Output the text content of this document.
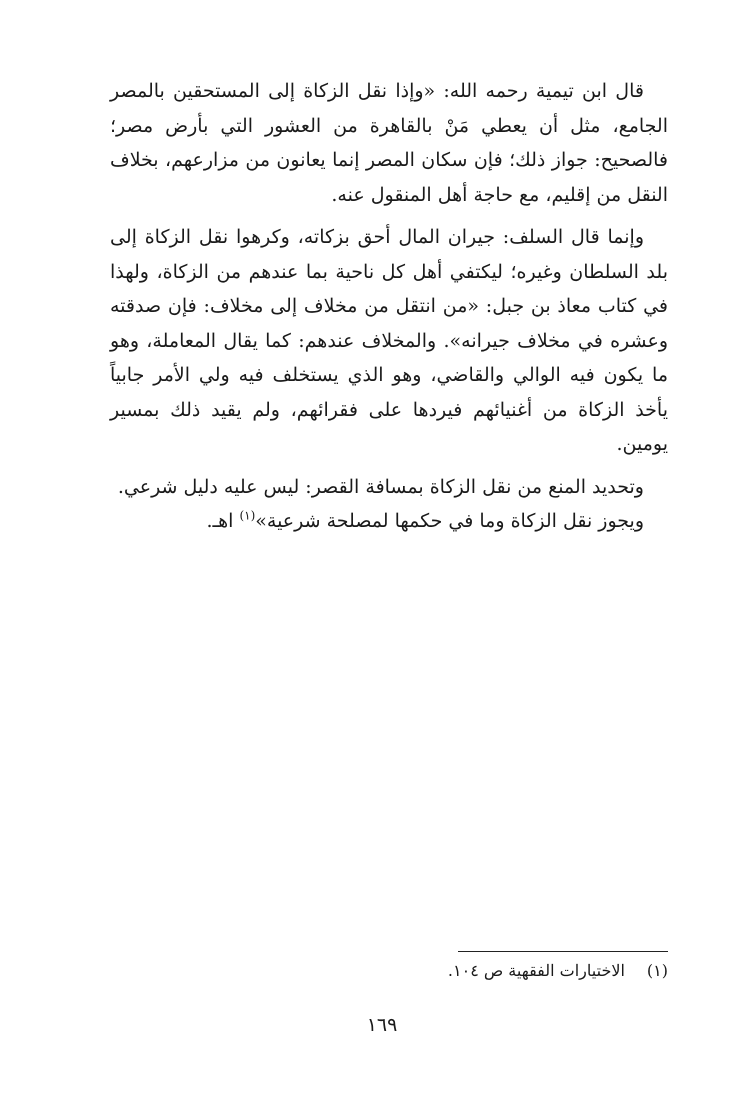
قال ابن تيمية رحمه الله: «وإذا نقل الزكاة إلى المستحقين بالمصر الجامع، مثل أن يعطي مَنْ بالقاهرة من العشور التي بأرض مصر؛ فالصحيح: جواز ذلك؛ فإن سكان المصر إنما يعانون من مزارعهم، بخلاف النقل من إقليم، مع حاجة أهل المنقول عنه.

وإنما قال السلف: جيران المال أحق بزكاته، وكرهوا نقل الزكاة إلى بلد السلطان وغيره؛ ليكتفي أهل كل ناحية بما عندهم من الزكاة، ولهذا في كتاب معاذ بن جبل: «من انتقل من مخلاف إلى مخلاف: فإن صدقته وعشره في مخلاف جيرانه». والمخلاف عندهم: كما يقال المعاملة، وهو ما يكون فيه الوالي والقاضي، وهو الذي يستخلف فيه ولي الأمر جابياً يأخذ الزكاة من أغنيائهم فيردها على فقرائهم، ولم يقيد ذلك بمسير يومين.

وتحديد المنع من نقل الزكاة بمسافة القصر: ليس عليه دليل شرعي.

ويجوز نقل الزكاة وما في حكمها لمصلحة شرعية»$^{(١)}$ اهـ.

(١)الاختيارات الفقهية ص ١٠٤.
١٦٩
